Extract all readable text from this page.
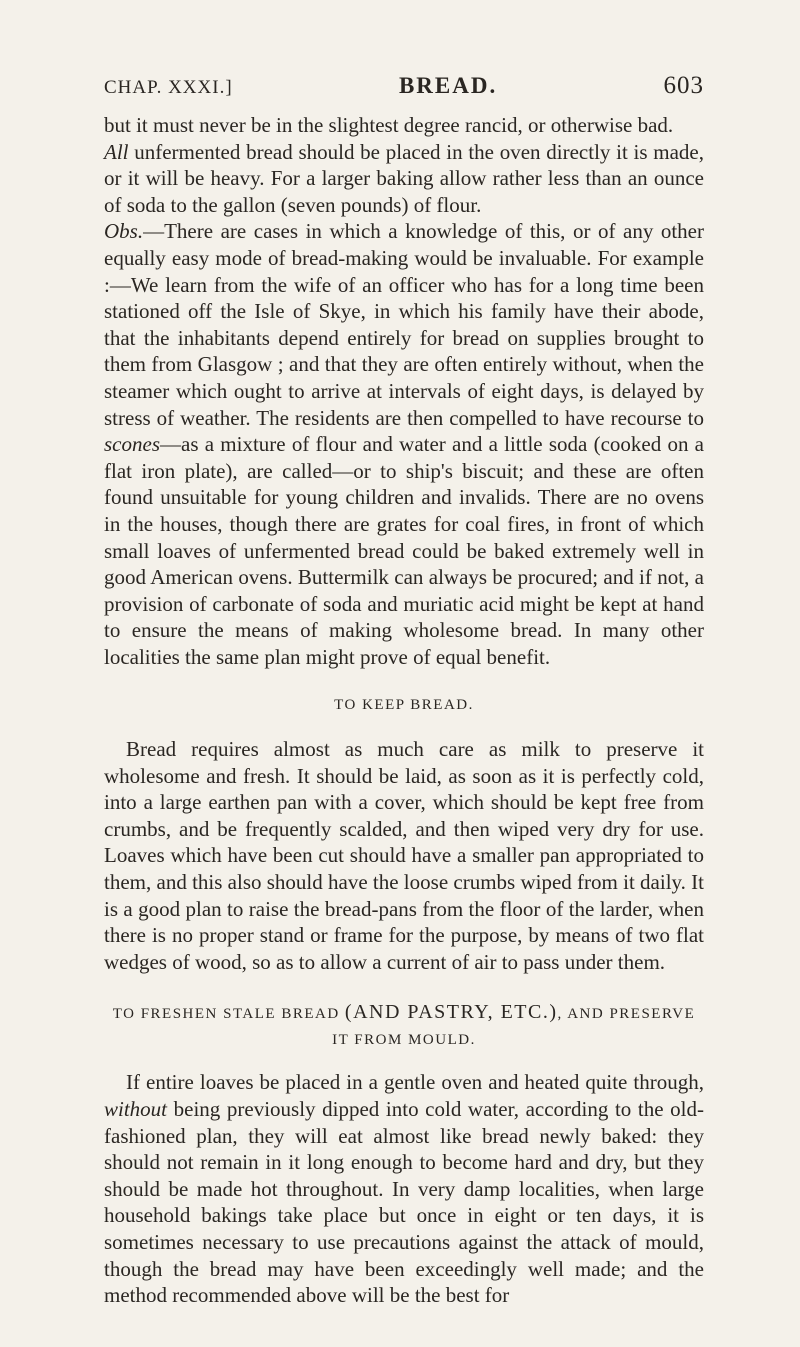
CHAP. XXXI.]	BREAD.	603

but it must never be in the slightest degree rancid, or otherwise bad.

All unfermented bread should be placed in the oven directly it is made, or it will be heavy. For a larger baking allow rather less than an ounce of soda to the gallon (seven pounds) of flour.

Obs.—There are cases in which a knowledge of this, or of any other equally easy mode of bread-making would be invaluable. For example :—We learn from the wife of an officer who has for a long time been stationed off the Isle of Skye, in which his family have their abode, that the inhabitants depend entirely for bread on supplies brought to them from Glasgow ; and that they are often entirely without, when the steamer which ought to arrive at intervals of eight days, is delayed by stress of weather. The residents are then compelled to have recourse to scones—as a mixture of flour and water and a little soda (cooked on a flat iron plate), are called—or to ship's biscuit; and these are often found unsuitable for young children and invalids. There are no ovens in the houses, though there are grates for coal fires, in front of which small loaves of unfermented bread could be baked extremely well in good American ovens. Buttermilk can always be procured; and if not, a provision of carbonate of soda and muriatic acid might be kept at hand to ensure the means of making wholesome bread. In many other localities the same plan might prove of equal benefit.

TO KEEP BREAD.

Bread requires almost as much care as milk to preserve it wholesome and fresh. It should be laid, as soon as it is perfectly cold, into a large earthen pan with a cover, which should be kept free from crumbs, and be frequently scalded, and then wiped very dry for use. Loaves which have been cut should have a smaller pan appropriated to them, and this also should have the loose crumbs wiped from it daily. It is a good plan to raise the bread-pans from the floor of the larder, when there is no proper stand or frame for the purpose, by means of two flat wedges of wood, so as to allow a current of air to pass under them.

TO FRESHEN STALE BREAD (AND PASTRY, ETC.), AND PRESERVE
IT FROM MOULD.

If entire loaves be placed in a gentle oven and heated quite through, without being previously dipped into cold water, according to the old-fashioned plan, they will eat almost like bread newly baked: they should not remain in it long enough to become hard and dry, but they should be made hot throughout. In very damp localities, when large household bakings take place but once in eight or ten days, it is sometimes necessary to use precautions against the attack of mould, though the bread may have been exceedingly well made; and the method recommended above will be the best for
